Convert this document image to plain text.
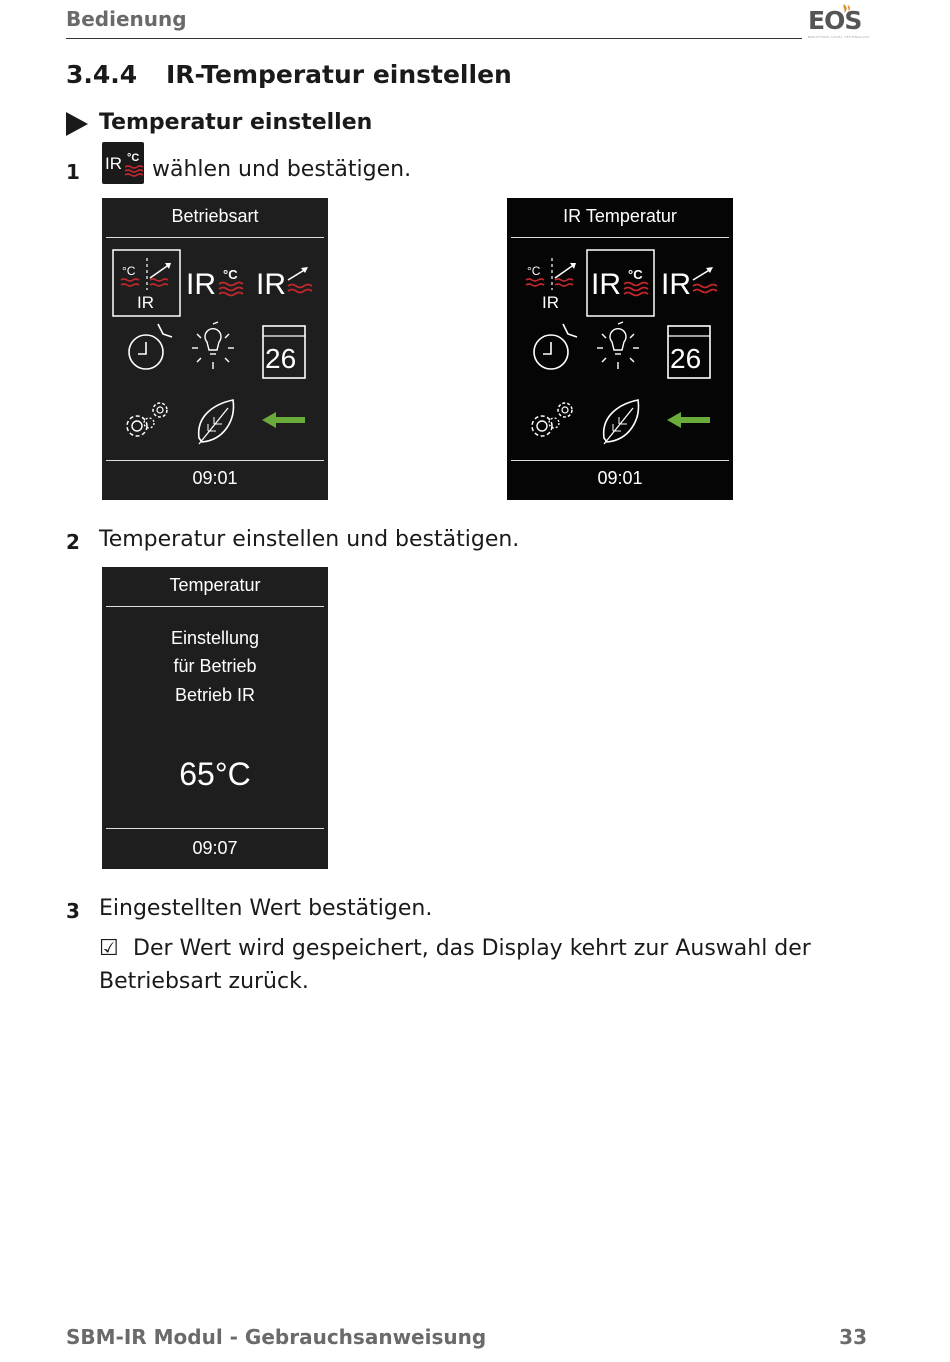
Bedienung	EOS
BREATHING LEVEL TECHNOLOGY
3.4.4 IR-Temperatur einstellen
Temperatur einstellen
1 IR °C wählen und bestätigen.
Betriebsart
°C
IR
IR °C IR
26
09:01
IR Temperatur
°C
IR
IR °C IR
26
09:01
2 Temperatur einstellen und bestätigen.
Temperatur
Einstellung
für Betrieb
Betrieb IR
65°C
09:07
3 Eingestellten Wert bestätigen.
☑ Der Wert wird gespeichert, das Display kehrt zur Auswahl der
Betriebsart zurück.
SBM-IR Modul - Gebrauchsanweisung	33
